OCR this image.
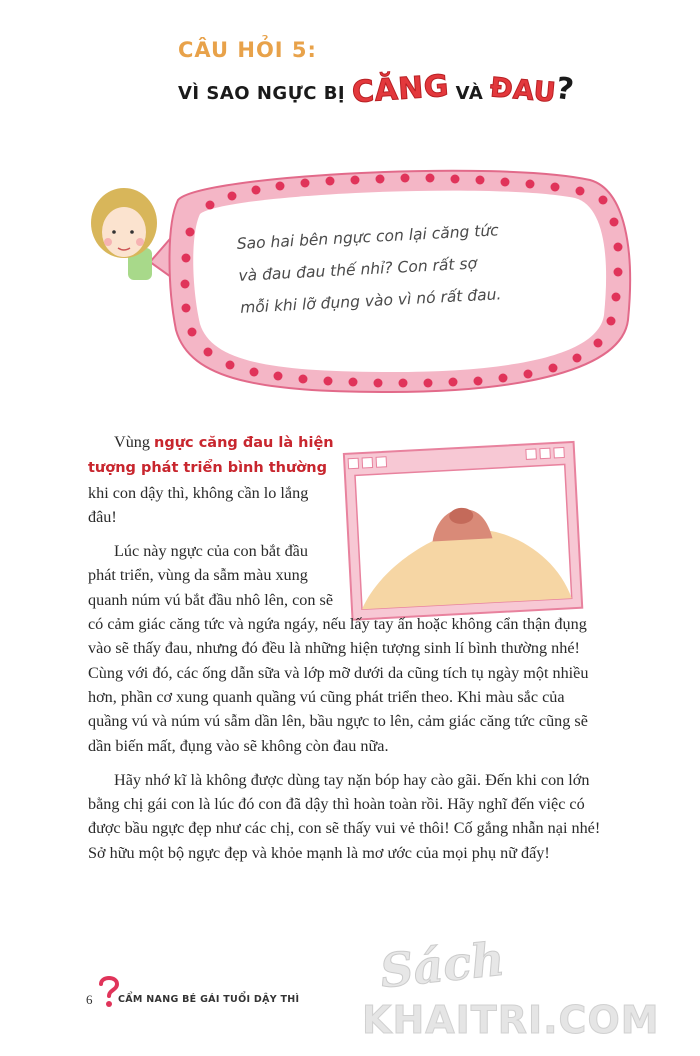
CÂU HỎI 5:
VÌ SAO NGỰC BỊ CĂNG VÀ ĐAU?
Sao hai bên ngực con lại căng tức
và đau đau thế nhỉ? Con rất sợ
mỗi khi lỡ đụng vào vì nó rất đau.

Vùng ngực căng đau là hiện tượng phát triển bình thường khi con dậy thì, không cần lo lắng đâu!

Lúc này ngực của con bắt đầu phát triển, vùng da sẫm màu xung quanh núm vú bắt đầu nhô lên, con sẽ có cảm giác căng tức và ngứa ngáy, nếu lấy tay ấn hoặc không cẩn thận đụng vào sẽ thấy đau, nhưng đó đều là những hiện tượng sinh lí bình thường nhé! Cùng với đó, các ống dẫn sữa và lớp mỡ dưới da cũng tích tụ ngày một nhiều hơn, phần cơ xung quanh quầng vú cũng phát triển theo. Khi màu sắc của quầng vú và núm vú sẫm dần lên, bầu ngực to lên, cảm giác căng tức cũng sẽ dần biến mất, đụng vào sẽ không còn đau nữa.

Hãy nhớ kĩ là không được dùng tay nặn bóp hay cào gãi. Đến khi con lớn bằng chị gái con là lúc đó con đã dậy thì hoàn toàn rồi. Hãy nghĩ đến việc có được bầu ngực đẹp như các chị, con sẽ thấy vui vẻ thôi! Cố gắng nhẫn nại nhé! Sở hữu một bộ ngực đẹp và khỏe mạnh là mơ ước của mọi phụ nữ đấy!

6	CẨM NANG BÉ GÁI TUỔI DẬY THÌ
Sách
KHAITRI.COM
